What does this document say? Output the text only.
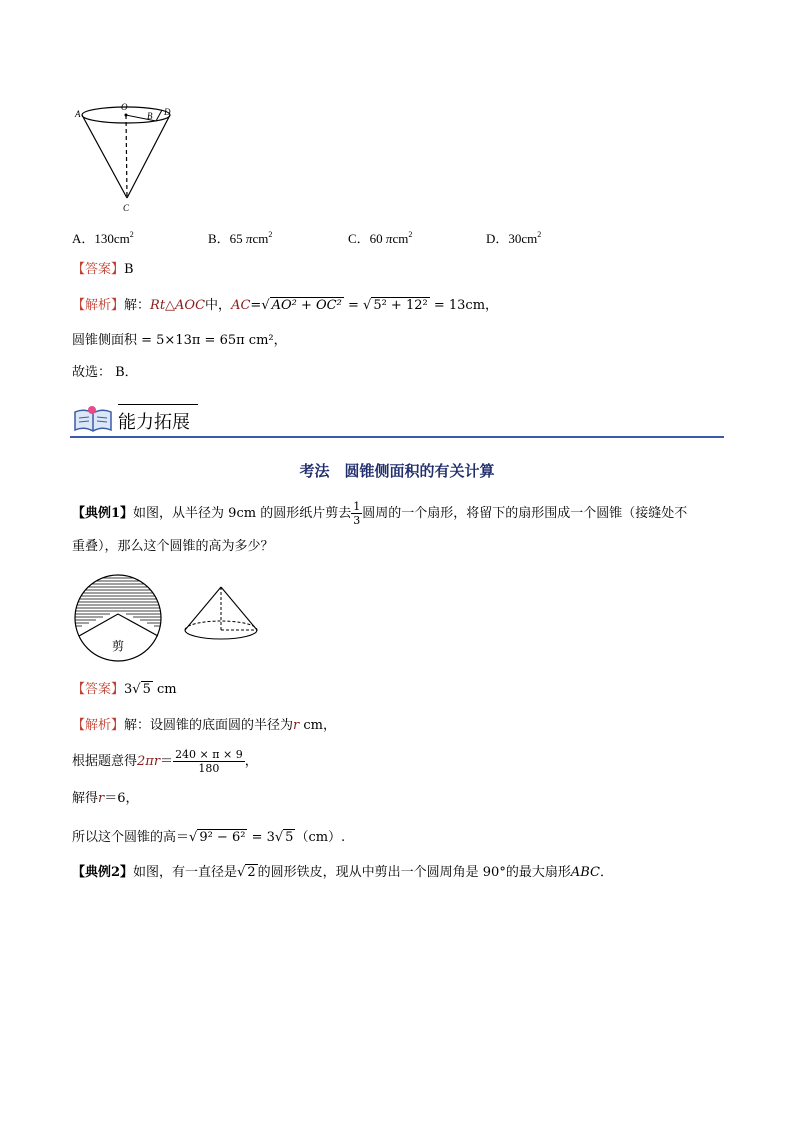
A
O
B D
C
A．$130cm^2$	B．65 πcm$^2$	C．60 πcm$^2$	D．$30cm^2$
【答案】B
【解析】解：Rt△AOC中，AC=√ AO² + OC² = √ 5² + 12² = 13cm，
圆锥侧面积 = 5×13π = 65π cm²，
故选： B．
能力拓展
考法　圆锥侧面积的有关计算
【典例1】如图，从半径为 9cm 的圆形纸片剪去 $\frac{1}{3}$ 圆周的一个扇形，将留下的扇形围成一个圆锥（接缝处不
重叠），那么这个圆锥的高为多少？
剪
【答案】3√ 5 cm
【解析】解：设圆锥的底面圆的半径为r cm，
根据题意得$2\pi r= \frac{240 \times \pi \times 9}{180}$ ，
解得r＝6，
所以这个圆锥的高＝√ 9² − 6² = 3√ 5 （cm）.
【典例2】如图，有一直径是√ 2 的圆形铁皮，现从中剪出一个圆周角是 90°的最大扇形ABC．
